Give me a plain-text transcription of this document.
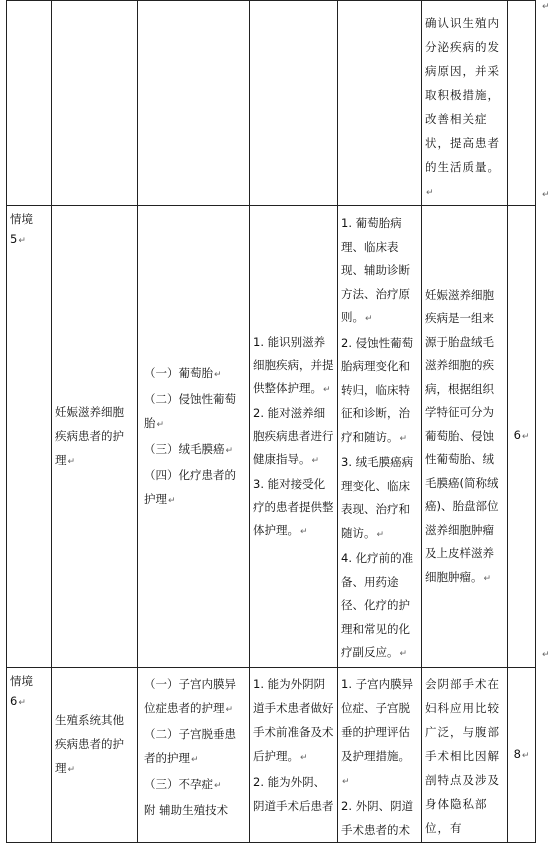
					确认识生殖内分泌疾病的发病原因，并采取积极措施，改善相关症状，提高患者的生活质量。↵	

情境 5↵	妊娠滋养细胞疾病患者的护理↵	（一）葡萄胎↵
（二）侵蚀性葡萄胎↵
（三）绒毛膜癌↵
（四）化疗患者的护理↵	1. 能识别滋养细胞疾病，并提供整体护理。↵
2. 能对滋养细胞疾病患者进行健康指导。↵
3. 能对接受化疗的患者提供整体护理。↵	1. 葡萄胎病理、临床表现、辅助诊断方法、治疗原则。↵
2. 侵蚀性葡萄胎病理变化和转归，临床特征和诊断，治疗和随访。↵
3. 绒毛膜癌病理变化、临床表现、治疗和随访。↵
4. 化疗前的准备、用药途径、化疗的护理和常见的化疗副反应。↵	妊娠滋养细胞疾病是一组来源于胎盘绒毛滋养细胞的疾病，根据组织学特征可分为葡萄胎、侵蚀性葡萄胎、绒毛膜癌(简称绒癌)、胎盘部位滋养细胞肿瘤及上皮样滋养细胞肿瘤。↵	6↵

情境 6↵	生殖系统其他疾病患者的护理↵	（一）子宫内膜异位症患者的护理↵
（二）子宫脱垂患者的护理↵
（三）不孕症↵
附 辅助生殖技术	1. 能为外阴阴道手术患者做好手术前准备及术后护理。↵
2. 能为外阴、阴道手术后患者	1. 子宫内膜异位症、子宫脱垂的护理评估及护理措施。↵
2. 外阴、阴道手术患者的术	会阴部手术在妇科应用比较广泛，与腹部手术相比因解剖特点及涉及身体隐私部位，有	8↵
↵
↵
↵
